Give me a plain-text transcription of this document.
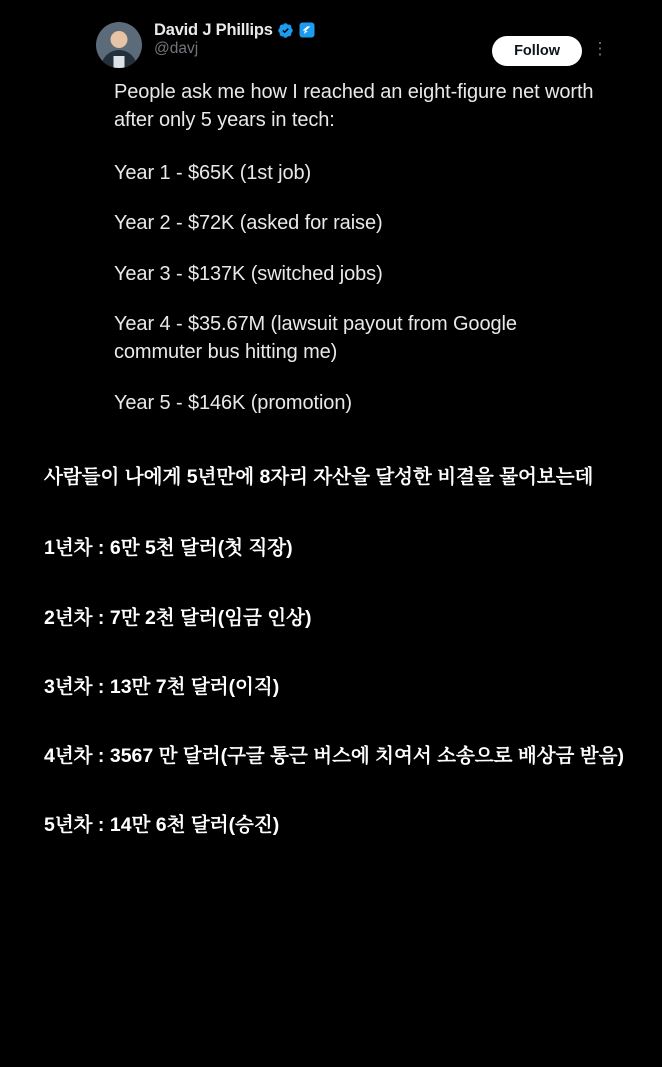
David J Phillips
@davj	Follow	⋮

People ask me how I reached an eight-figure net worth after only 5 years in tech:

Year 1 - $65K (1st job)

Year 2 - $72K (asked for raise)

Year 3 - $137K (switched jobs)

Year 4 - $35.67M (lawsuit payout from Google commuter bus hitting me)

Year 5 - $146K (promotion)

사람들이 나에게 5년만에 8자리 자산을 달성한 비결을 물어보는데

1년차 : 6만 5천 달러(첫 직장)

2년차 : 7만 2천 달러(임금 인상)

3년차 : 13만 7천 달러(이직)

4년차 : 3567 만 달러(구글 통근 버스에 치여서 소송으로 배상금 받음)

5년차 : 14만 6천 달러(승진)
